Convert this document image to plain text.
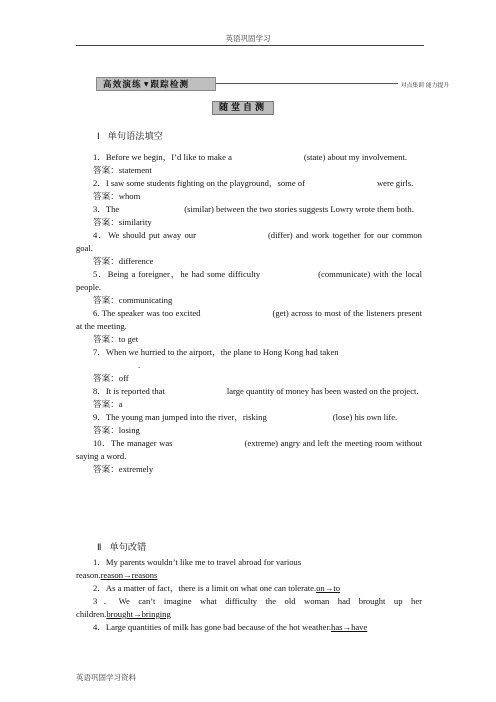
英语巩固学习
高效演练 ▼ 跟踪检测	对点集训 能力提升
随堂自测
Ⅰ 单句语法填空
1．Before we begin，I’d like to make a	(state) about my involvement.
答案：statement
2．I saw some students fighting on the playground，some of	were girls.
答案：whom
3．The	(similar) between the two stories suggests Lowry wrote them both.
答案：similarity
4．We should put away our	(differ) and work together for our common goal.
答案：difference
5．Being a foreigner，he had some difficulty	(communicate) with the local people.
答案：communicating
6. The speaker was too excited	(get) across to most of the listeners present at the meeting.
答案：to get
7．When we hurried to the airport，the plane to Hong Kong had taken
.
答案：off
8．It is reported that	large quantity of money has been wasted on the project.
答案：a
9．The young man jumped into the river，risking	(lose) his own life.
答案：losing
10．The manager was	(extreme) angry and left the meeting room without saying a word.
答案：extremely
Ⅱ 单句改错
1．My parents wouldn’t like me to travel abroad for various
reason.reason→reasons
2．As a matter of fact，there is a limit on what one can tolerate.on→to
3．We can’t imagine what difficulty the old woman had brought up her children.brought→bringing
4．Large quantities of milk has gone bad because of the hot weather.has→have
英语巩固学习资料
